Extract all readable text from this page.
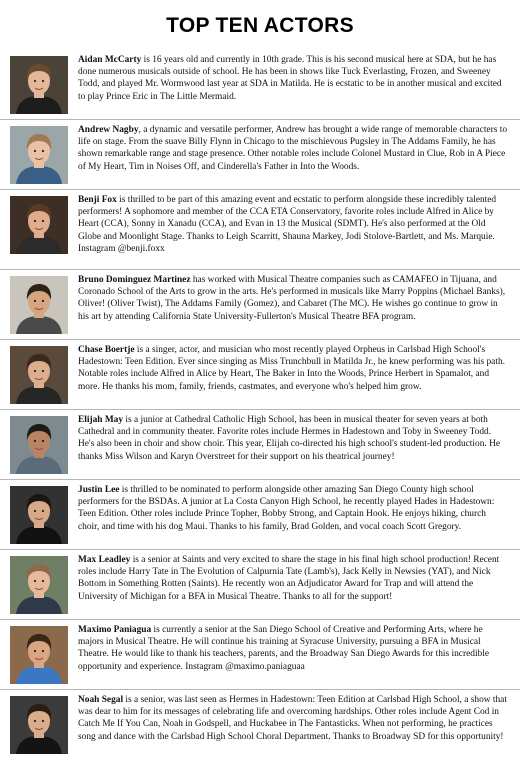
TOP TEN ACTORS

Aidan McCarty is 16 years old and currently in 10th grade. This is his second musical here at SDA, but he has done numerous musicals outside of school. He has been in shows like Tuck Everlasting, Frozen, and Sweeney Todd, and played Mr. Wormwood last year at SDA in Matilda. He is ecstatic to be in another musical and excited to play Prince Eric in The Little Mermaid.

Andrew Nagby, a dynamic and versatile performer, Andrew has brought a wide range of memorable characters to life on stage. From the suave Billy Flynn in Chicago to the mischievous Pugsley in The Addams Family, he has shown remarkable range and stage presence. Other notable roles include Colonel Mustard in Clue, Rob in A Piece of My Heart, Tim in Noises Off, and Cinderella's Father in Into the Woods.

Benji Fox is thrilled to be part of this amazing event and ecstatic to perform alongside these incredibly talented performers! A sophomore and member of the CCA ETA Conservatory, favorite roles include Alfred in Alice by Heart (CCA), Sonny in Xanadu (CCA), and Evan in 13 the Musical (SDMT). He's also performed at the Old Globe and Moonlight Stage. Thanks to Leigh Scarritt, Shauna Markey, Jodi Stolove-Bartlett, and Ms. Marquie. Instagram @benji.foxx

Bruno Dominguez Martinez has worked with Musical Theatre companies such as CAMAFEO in Tijuana, and Coronado School of the Arts to grow in the arts. He's performed in musicals like Marry Poppins (Michael Banks), Oliver! (Oliver Twist), The Addams Family (Gomez), and Cabaret (The MC). He wishes go continue to grow in his art by attending California State University-Fullerton's Musical Theatre BFA program.

Chase Boertje is a singer, actor, and musician who most recently played Orpheus in Carlsbad High School's Hadestown: Teen Edition. Ever since singing as Miss Trunchbull in Matilda Jr., he knew performing was his path. Notable roles include Alfred in Alice by Heart, The Baker in Into the Woods, Prince Herbert in Spamalot, and more. He thanks his mom, family, friends, castmates, and everyone who's helped him grow.

Elijah May is a junior at Cathedral Catholic High School, has been in musical theater for seven years at both Cathedral and in community theater. Favorite roles include Hermes in Hadestown and Toby in Sweeney Todd. He's also been in choir and show choir. This year, Elijah co-directed his high school's student-led production. He thanks Miss Wilson and Karyn Overstreet for their support on his theatrical journey!

Justin Lee is thrilled to be nominated to perform alongside other amazing San Diego County high school performers for the BSDAs. A junior at La Costa Canyon High School, he recently played Hades in Hadestown: Teen Edition. Other roles include Prince Topher, Bobby Strong, and Captain Hook. He enjoys hiking, church choir, and time with his dog Maui. Thanks to his family, Brad Golden, and vocal coach Scott Gregory.

Max Leadley is a senior at Saints and very excited to share the stage in his final high school production! Recent roles include Harry Tate in The Evolution of Calpurnia Tate (Lamb's), Jack Kelly in Newsies (YAT), and Nick Bottom in Something Rotten (Saints). He recently won an Adjudicator Award for Trap and will attend the University of Michigan for a BFA in Musical Theatre. Thanks to all for the support!

Maximo Paniagua is currently a senior at the San Diego School of Creative and Performing Arts, where he majors in Musical Theatre. He will continue his training at Syracuse University, pursuing a BFA in Musical Theatre. He would like to thank his teachers, parents, and the Broadway San Diego Awards for this incredible opportunity and experience. Instagram @maximo.paniaguaa

Noah Segal is a senior, was last seen as Hermes in Hadestown: Teen Edition at Carlsbad High School, a show that was dear to him for its messages of celebrating life and overcoming hardships. Other roles include Agent Cod in Catch Me If You Can, Noah in Godspell, and Huckabee in The Fantasticks. When not performing, he practices song and dance with the Carlsbad High School Choral Department. Thanks to Broadway SD for this opportunity!
